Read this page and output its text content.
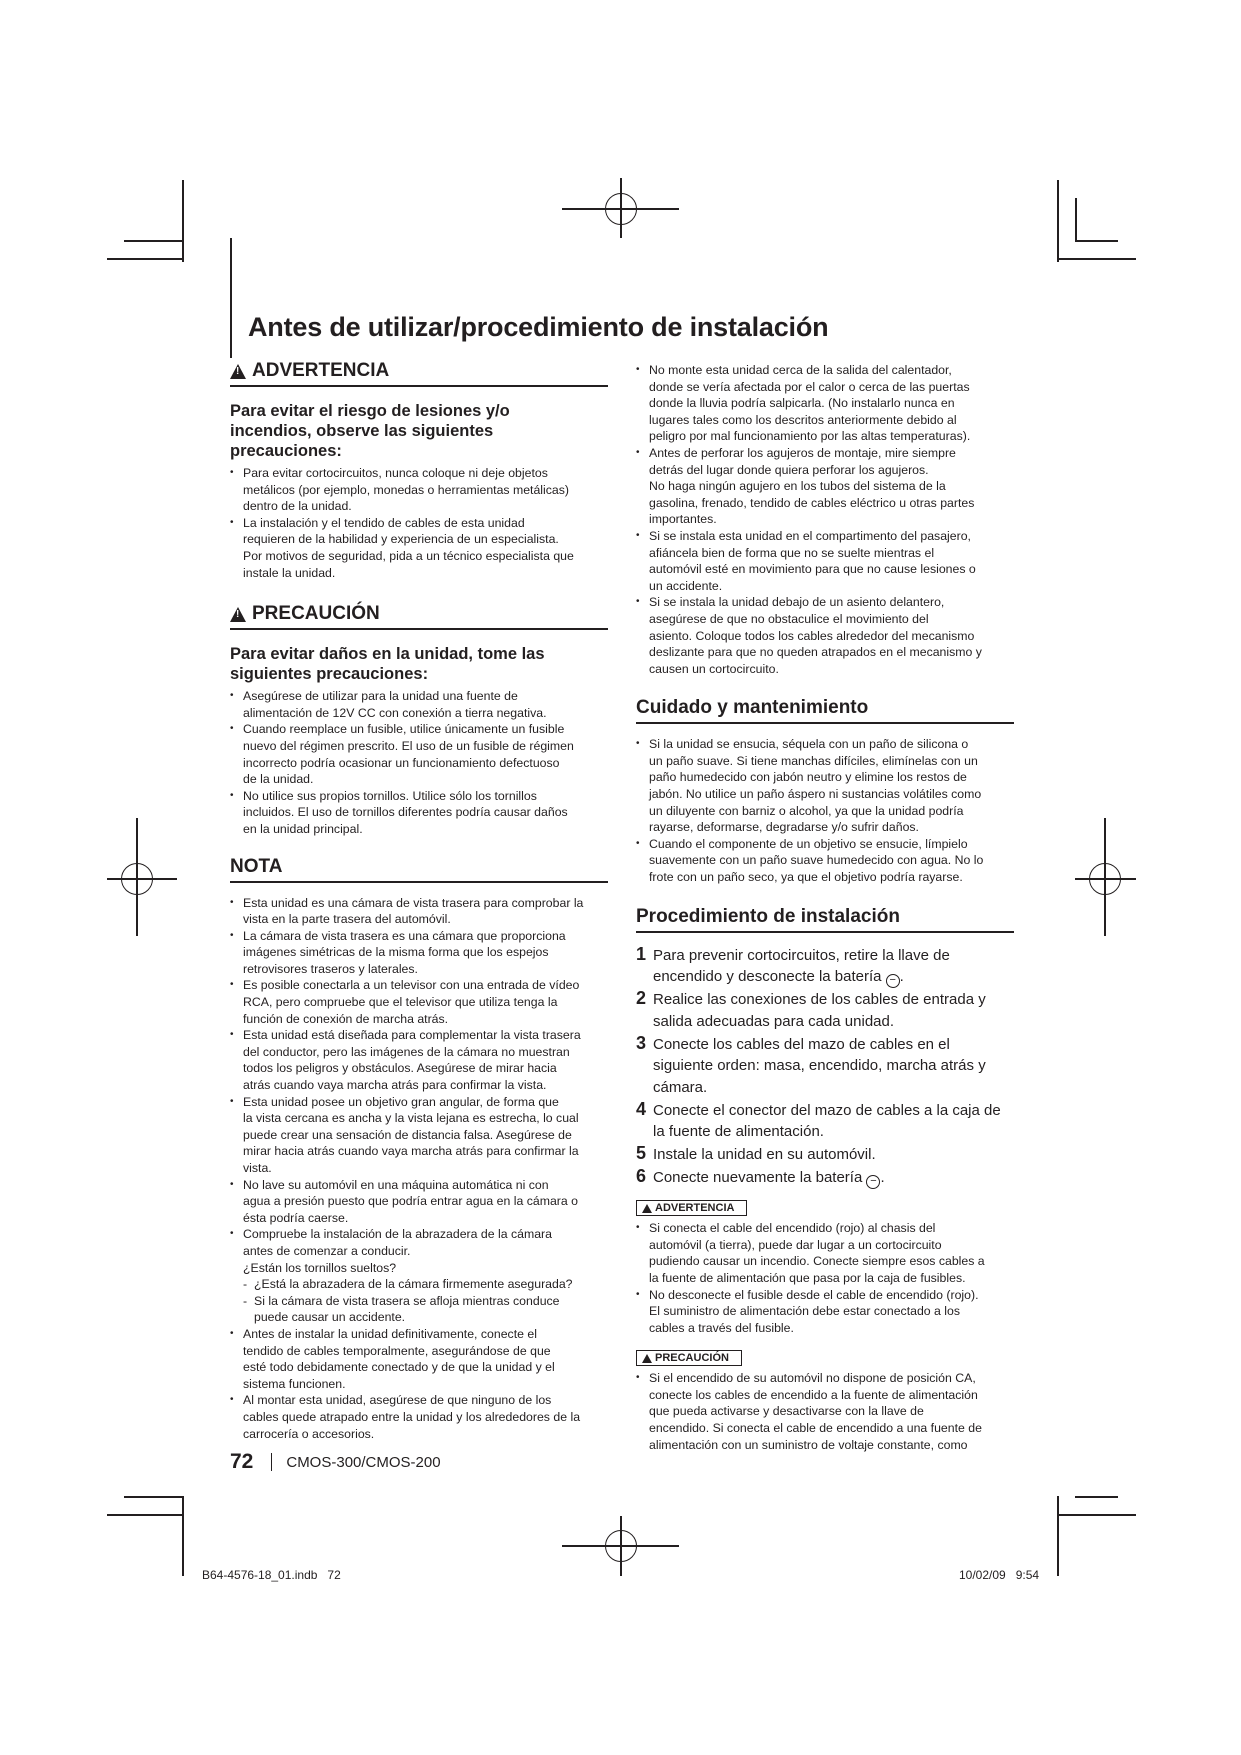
Antes de utilizar/procedimiento de instalación
!
ADVERTENCIA
Para evitar el riesgo de lesiones y/o
incendios, observe las siguientes
precauciones:
• Para evitar cortocircuitos, nunca coloque ni deje objetos
metálicos (por ejemplo, monedas o herramientas metálicas)
dentro de la unidad.
• La instalación y el tendido de cables de esta unidad
requieren de la habilidad y experiencia de un especialista.
Por motivos de seguridad, pida a un técnico especialista que
instale la unidad.
!
PRECAUCIÓN
Para evitar daños en la unidad, tome las
siguientes precauciones:
• Asegúrese de utilizar para la unidad una fuente de
alimentación de 12V CC con conexión a tierra negativa.
• Cuando reemplace un fusible, utilice únicamente un fusible
nuevo del régimen prescrito. El uso de un fusible de régimen
incorrecto podría ocasionar un funcionamiento defectuoso
de la unidad.
• No utilice sus propios tornillos. Utilice sólo los tornillos
incluidos. El uso de tornillos diferentes podría causar daños
en la unidad principal.
NOTA
• Esta unidad es una cámara de vista trasera para comprobar la
vista en la parte trasera del automóvil.
• La cámara de vista trasera es una cámara que proporciona
imágenes simétricas de la misma forma que los espejos
retrovisores traseros y laterales.
• Es posible conectarla a un televisor con una entrada de vídeo
RCA, pero compruebe que el televisor que utiliza tenga la
función de conexión de marcha atrás.
• Esta unidad está diseñada para complementar la vista trasera
del conductor, pero las imágenes de la cámara no muestran
todos los peligros y obstáculos. Asegúrese de mirar hacia
atrás cuando vaya marcha atrás para confirmar la vista.
• Esta unidad posee un objetivo gran angular, de forma que
la vista cercana es ancha y la vista lejana es estrecha, lo cual
puede crear una sensación de distancia falsa. Asegúrese de
mirar hacia atrás cuando vaya marcha atrás para confirmar la
vista.
• No lave su automóvil en una máquina automática ni con
agua a presión puesto que podría entrar agua en la cámara o
ésta podría caerse.
• Compruebe la instalación de la abrazadera de la cámara
antes de comenzar a conducir.
¿Están los tornillos sueltos?
- ¿Está la abrazadera de la cámara firmemente asegurada?
- Si la cámara de vista trasera se afloja mientras conduce
puede causar un accidente.
• Antes de instalar la unidad definitivamente, conecte el
tendido de cables temporalmente, asegurándose de que
esté todo debidamente conectado y de que la unidad y el
sistema funcionen.
• Al montar esta unidad, asegúrese de que ninguno de los
cables quede atrapado entre la unidad y los alrededores de la
carrocería o accesorios.
• No monte esta unidad cerca de la salida del calentador,
donde se vería afectada por el calor o cerca de las puertas
donde la lluvia podría salpicarla. (No instalarlo nunca en
lugares tales como los descritos anteriormente debido al
peligro por mal funcionamiento por las altas temperaturas).
• Antes de perforar los agujeros de montaje, mire siempre
detrás del lugar donde quiera perforar los agujeros.
No haga ningún agujero en los tubos del sistema de la
gasolina, frenado, tendido de cables eléctrico u otras partes
importantes.
• Si se instala esta unidad en el compartimento del pasajero,
afiáncela bien de forma que no se suelte mientras el
automóvil esté en movimiento para que no cause lesiones o
un accidente.
• Si se instala la unidad debajo de un asiento delantero,
asegúrese de que no obstaculice el movimiento del
asiento. Coloque todos los cables alrededor del mecanismo
deslizante para que no queden atrapados en el mecanismo y
causen un cortocircuito.
Cuidado y mantenimiento
• Si la unidad se ensucia, séquela con un paño de silicona o
un paño suave. Si tiene manchas difíciles, elimínelas con un
paño humedecido con jabón neutro y elimine los restos de
jabón. No utilice un paño áspero ni sustancias volátiles como
un diluyente con barniz o alcohol, ya que la unidad podría
rayarse, deformarse, degradarse y/o sufrir daños.
• Cuando el componente de un objetivo se ensucie, límpielo
suavemente con un paño suave humedecido con agua. No lo
frote con un paño seco, ya que el objetivo podría rayarse.
Procedimiento de instalación
1 Para prevenir cortocircuitos, retire la llave de
encendido y desconecte la batería − .
2 Realice las conexiones de los cables de entrada y
salida adecuadas para cada unidad.
3 Conecte los cables del mazo de cables en el
siguiente orden: masa, encendido, marcha atrás y
cámara.
4 Conecte el conector del mazo de cables a la caja de
la fuente de alimentación.
5 Instale la unidad en su automóvil.
6 Conecte nuevamente la batería − .
ADVERTENCIA
• Si conecta el cable del encendido (rojo) al chasis del
automóvil (a tierra), puede dar lugar a un cortocircuito
pudiendo causar un incendio. Conecte siempre esos cables a
la fuente de alimentación que pasa por la caja de fusibles.
• No desconecte el fusible desde el cable de encendido (rojo).
El suministro de alimentación debe estar conectado a los
cables a través del fusible.
PRECAUCIÓN
• Si el encendido de su automóvil no dispone de posición CA,
conecte los cables de encendido a la fuente de alimentación
que pueda activarse y desactivarse con la llave de
encendido. Si conecta el cable de encendido a una fuente de
alimentación con un suministro de voltaje constante, como
72 CMOS-300/CMOS-200
B64-4576-18_01.indb   72	10/02/09   9:54
